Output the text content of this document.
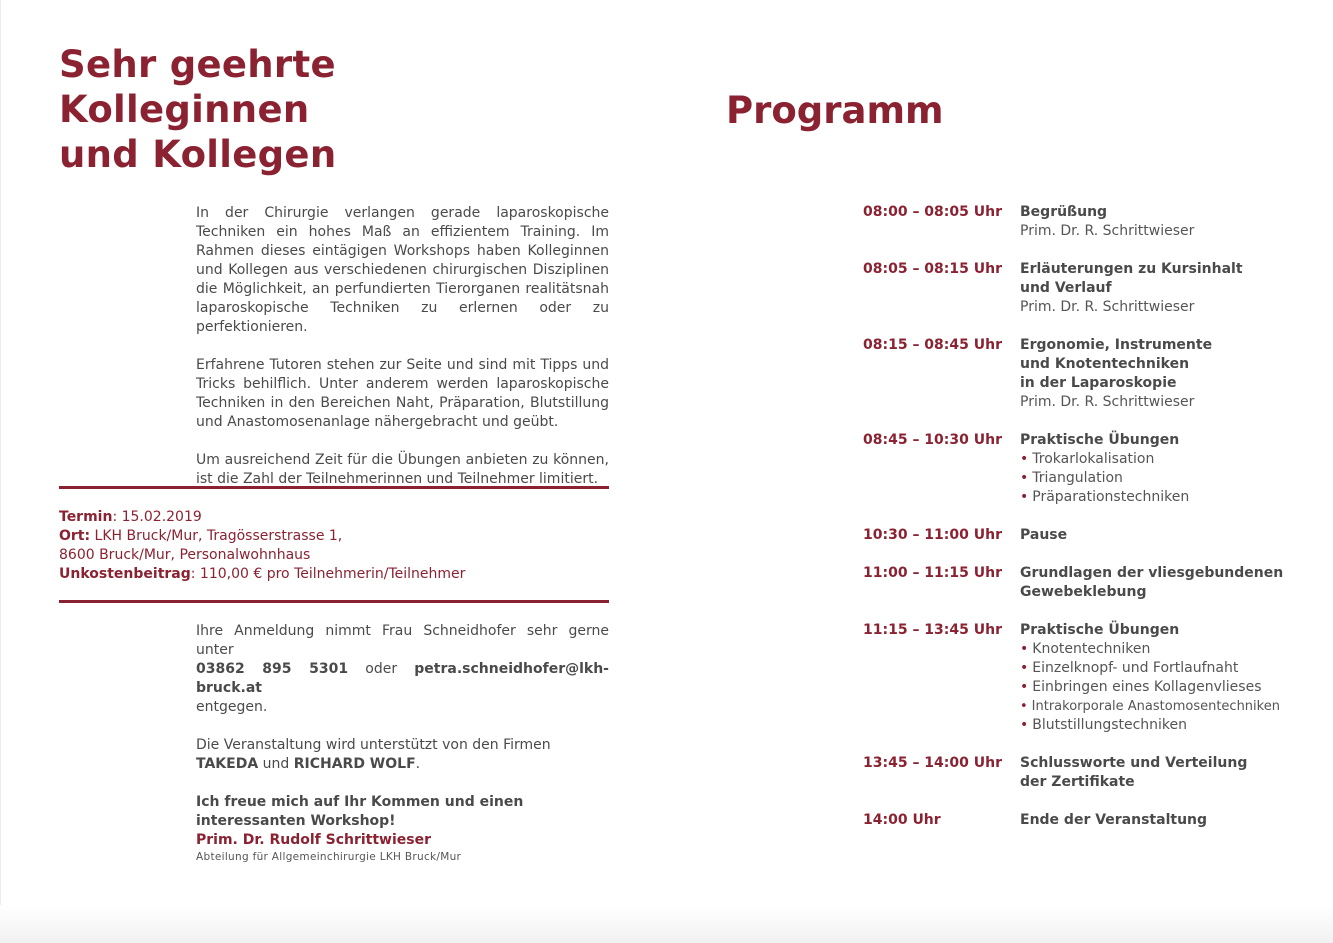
Sehr geehrte
Kolleginnen
und Kollegen

In der Chirurgie verlangen gerade laparoskopische Techniken ein hohes Maß an effizientem Training. Im Rahmen dieses eintägigen Workshops haben Kolleginnen und Kollegen aus verschiedenen chirurgischen Disziplinen die Möglichkeit, an perfundierten Tierorganen realitätsnah laparoskopische Techniken zu erlernen oder zu perfektionieren.

Erfahrene Tutoren stehen zur Seite und sind mit Tipps und Tricks behilflich. Unter anderem werden laparoskopische Techniken in den Bereichen Naht, Präparation, Blutstillung und Anastomosenanlage nähergebracht und geübt.

Um ausreichend Zeit für die Übungen anbieten zu können, ist die Zahl der Teilnehmerinnen und Teilnehmer limitiert.

Termin: 15.02.2019
Ort: LKH Bruck/Mur, Tragösserstrasse 1,
8600 Bruck/Mur, Personalwohnhaus
Unkostenbeitrag: 110,00 € pro Teilnehmerin/Teilnehmer

Ihre Anmeldung nimmt Frau Schneidhofer sehr gerne unter
03862 895 5301 oder petra.schneidhofer@lkh-bruck.at
entgegen.

Die Veranstaltung wird unterstützt von den Firmen
TAKEDA und RICHARD WOLF.

Ich freue mich auf Ihr Kommen und einen interessanten Workshop!

Prim. Dr. Rudolf Schrittwieser
Abteilung für Allgemeinchirurgie LKH Bruck/Mur
Programm
08:00 – 08:05 Uhr	Begrüßung
Prim. Dr. R. Schrittwieser
08:05 – 08:15 Uhr	Erläuterungen zu Kursinhalt
und Verlauf
Prim. Dr. R. Schrittwieser
08:15 – 08:45 Uhr	Ergonomie, Instrumente
und Knotentechniken
in der Laparoskopie
Prim. Dr. R. Schrittwieser
08:45 – 10:30 Uhr	Praktische Übungen
• Trokarlokalisation
• Triangulation
• Präparationstechniken
10:30 – 11:00 Uhr	Pause
11:00 – 11:15 Uhr	Grundlagen der vliesgebundenen
Gewebeklebung
11:15 – 13:45 Uhr	Praktische Übungen
• Knotentechniken
• Einzelknopf- und Fortlaufnaht
• Einbringen eines Kollagenvlieses
• Intrakorporale Anastomosentechniken
• Blutstillungstechniken
13:45 – 14:00 Uhr	Schlussworte und Verteilung
der Zertifikate
14:00 Uhr	Ende der Veranstaltung
